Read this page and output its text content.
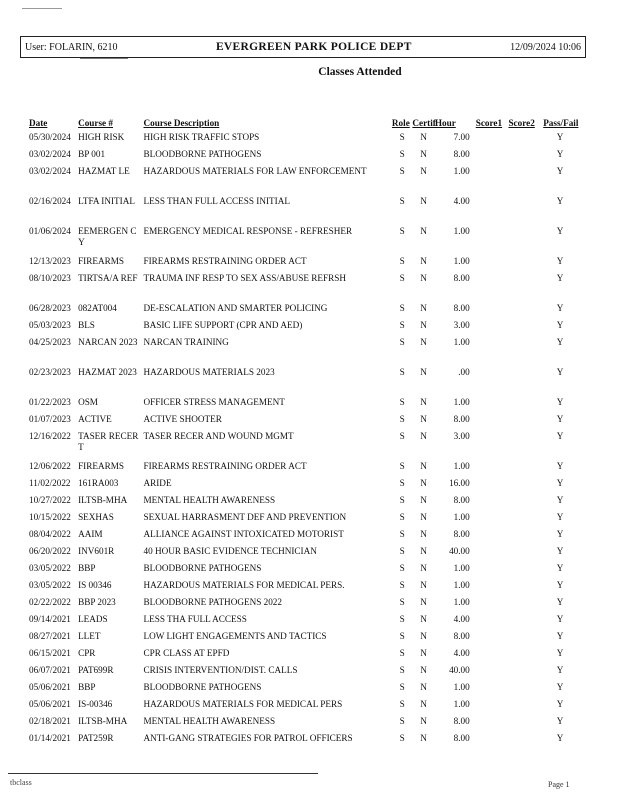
User: FOLARIN, 6210	EVERGREEN PARK POLICE DEPT	12/09/2024 10:06
Classes Attended
Date	Course #	Course Description	Role	Certif	Hour	Score1	Score2	Pass/Fail
05/30/2024	HIGH RISK	HIGH RISK TRAFFIC STOPS	S	N	7.00			Y
03/02/2024	BP 001	BLOODBORNE PATHOGENS	S	N	8.00			Y
03/02/2024	HAZMAT LE	HAZARDOUS MATERIALS FOR LAW ENFORCEMENT	S	N	1.00			Y
02/16/2024	LTFA INITIAL	LESS THAN FULL ACCESS INITIAL	S	N	4.00			Y
01/06/2024	EEMERGEN CY	EMERGENCY MEDICAL RESPONSE - REFRESHER	S	N	1.00			Y
12/13/2023	FIREARMS	FIREARMS RESTRAINING ORDER ACT	S	N	1.00			Y
08/10/2023	TIRTSA/A REF	TRAUMA INF RESP TO SEX ASS/ABUSE REFRSH	S	N	8.00			Y
06/28/2023	082AT004	DE-ESCALATION AND SMARTER POLICING	S	N	8.00			Y
05/03/2023	BLS	BASIC LIFE SUPPORT (CPR AND AED)	S	N	3.00			Y
04/25/2023	NARCAN 2023	NARCAN TRAINING	S	N	1.00			Y
02/23/2023	HAZMAT 2023	HAZARDOUS MATERIALS 2023	S	N	.00			Y
01/22/2023	OSM	OFFICER STRESS MANAGEMENT	S	N	1.00			Y
01/07/2023	ACTIVE	ACTIVE SHOOTER	S	N	8.00			Y
12/16/2022	TASER RECERT	TASER RECER AND WOUND MGMT	S	N	3.00			Y
12/06/2022	FIREARMS	FIREARMS RESTRAINING ORDER ACT	S	N	1.00			Y
11/02/2022	161RA003	ARIDE	S	N	16.00			Y
10/27/2022	ILTSB-MHA	MENTAL HEALTH AWARENESS	S	N	8.00			Y
10/15/2022	SEXHAS	SEXUAL HARRASMENT DEF AND PREVENTION	S	N	1.00			Y
08/04/2022	AAIM	ALLIANCE AGAINST INTOXICATED MOTORIST	S	N	8.00			Y
06/20/2022	INV601R	40 HOUR BASIC EVIDENCE TECHNICIAN	S	N	40.00			Y
03/05/2022	BBP	BLOODBORNE PATHOGENS	S	N	1.00			Y
03/05/2022	IS 00346	HAZARDOUS MATERIALS FOR MEDICAL PERS.	S	N	1.00			Y
02/22/2022	BBP 2023	BLOODBORNE PATHOGENS 2022	S	N	1.00			Y
09/14/2021	LEADS	LESS THA FULL ACCESS	S	N	4.00			Y
08/27/2021	LLET	LOW LIGHT ENGAGEMENTS AND TACTICS	S	N	8.00			Y
06/15/2021	CPR	CPR CLASS AT EPFD	S	N	4.00			Y
06/07/2021	PAT699R	CRISIS INTERVENTION/DIST. CALLS	S	N	40.00			Y
05/06/2021	BBP	BLOODBORNE PATHOGENS	S	N	1.00			Y
05/06/2021	IS-00346	HAZARDOUS MATERIALS FOR MEDICAL PERS	S	N	1.00			Y
02/18/2021	ILTSB-MHA	MENTAL HEALTH AWARENESS	S	N	8.00			Y
01/14/2021	PAT259R	ANTI-GANG STRATEGIES FOR PATROL OFFICERS	S	N	8.00			Y
tbclass	Page 1
